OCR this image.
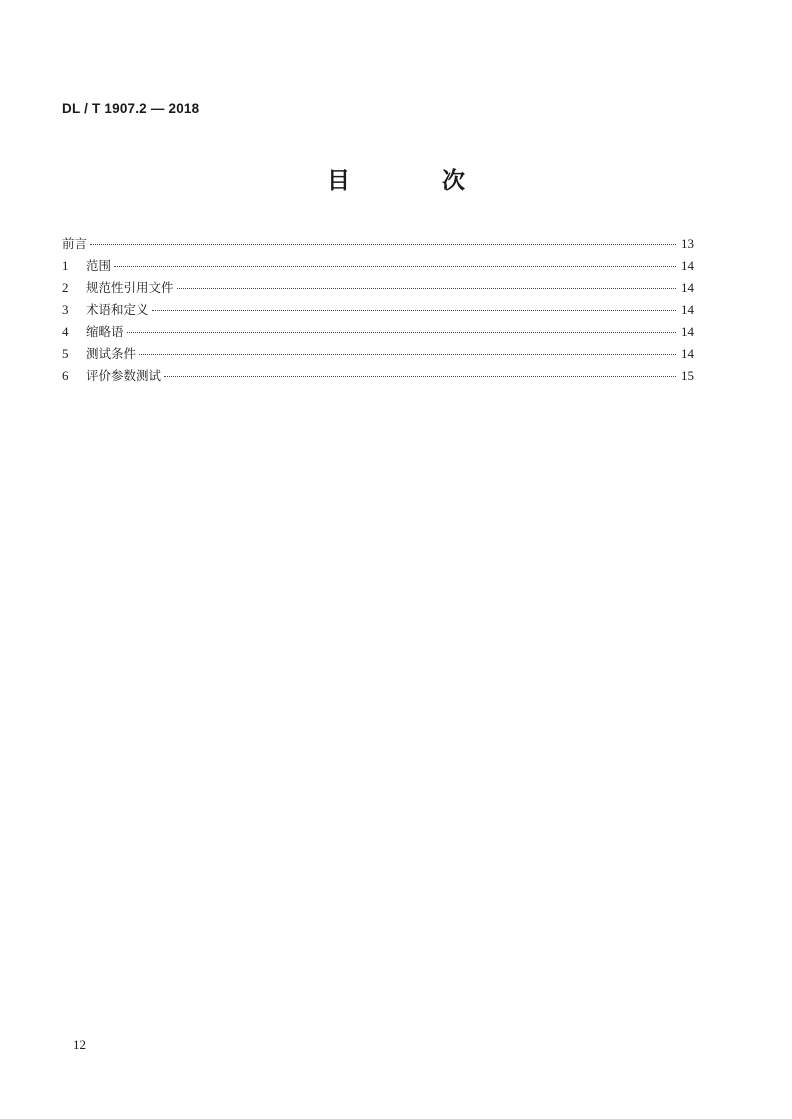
DL / T 1907.2 — 2018
目 次
前言	13
1	范围	14
2	规范性引用文件	14
3	术语和定义	14
4	缩略语	14
5	测试条件	14
6	评价参数测试	15
12
